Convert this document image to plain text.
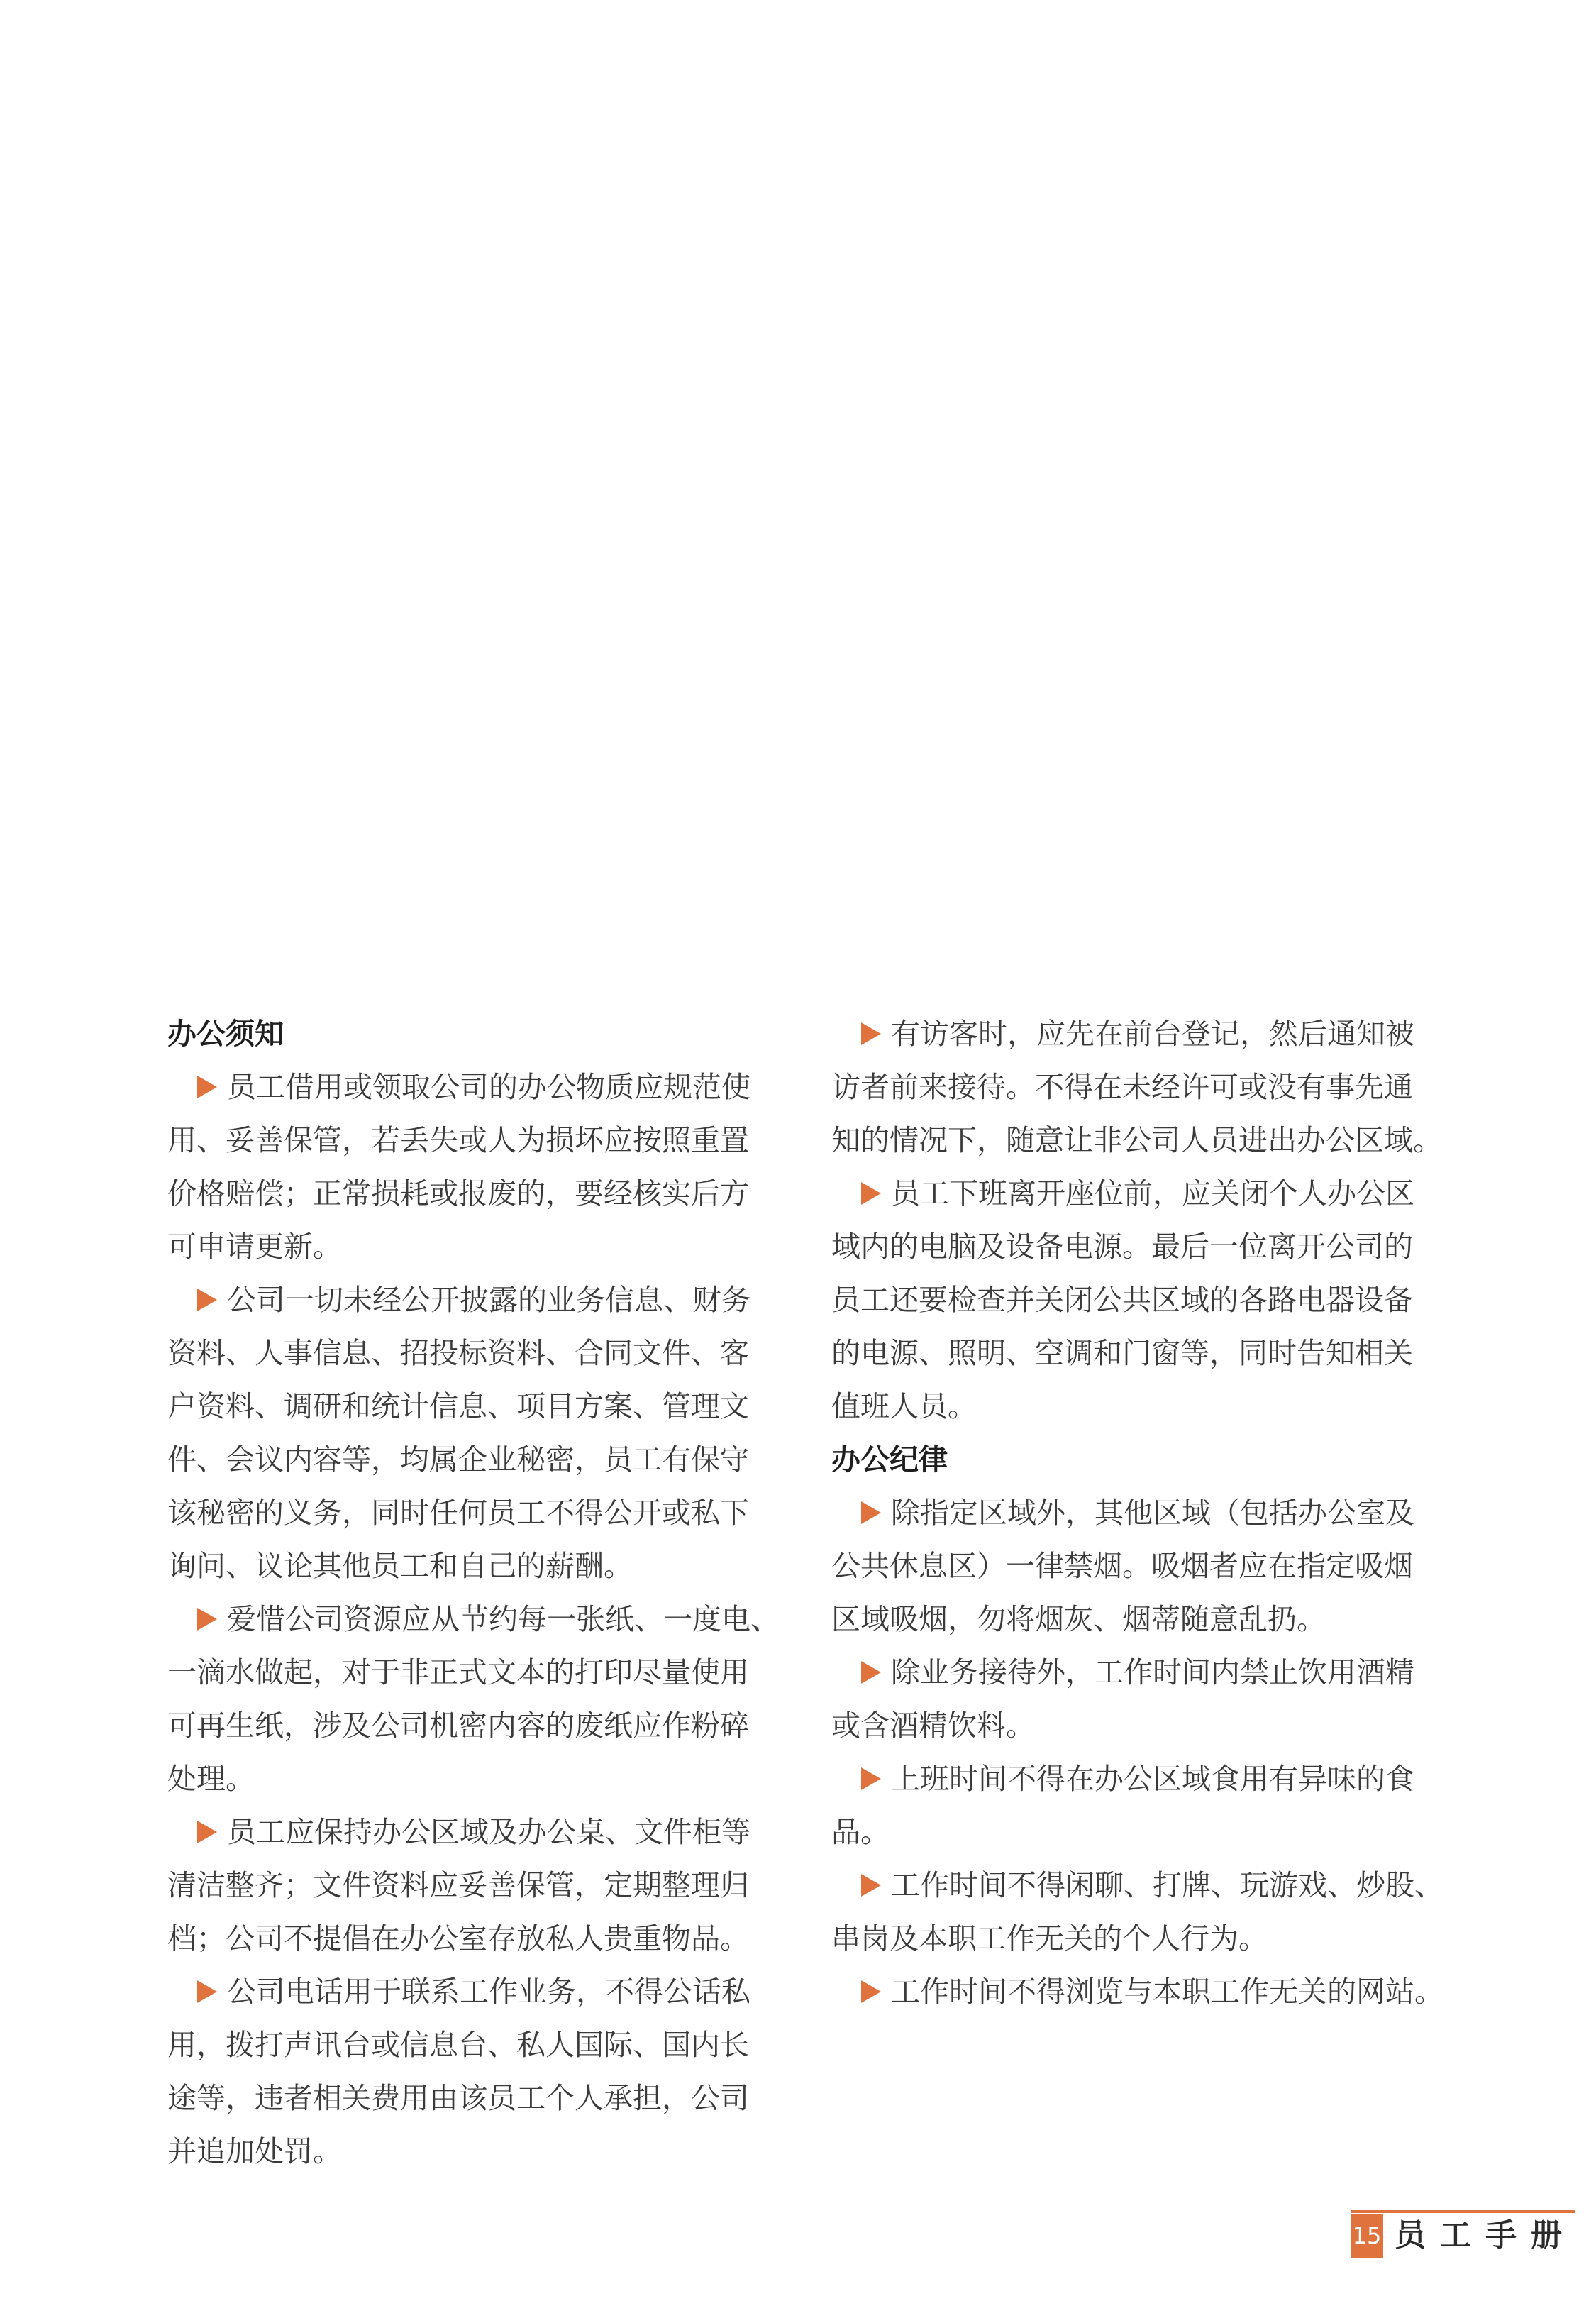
办公须知
员工借用或领取公司的办公物质应规范使
用、妥善保管，若丢失或人为损坏应按照重置
价格赔偿；正常损耗或报废的，要经核实后方
可申请更新。
公司一切未经公开披露的业务信息、财务
资料、人事信息、招投标资料、合同文件、客
户资料、调研和统计信息、项目方案、管理文
件、会议内容等，均属企业秘密，员工有保守
该秘密的义务，同时任何员工不得公开或私下
询问、议论其他员工和自己的薪酬。
爱惜公司资源应从节约每一张纸、一度电、
一滴水做起，对于非正式文本的打印尽量使用
可再生纸，涉及公司机密内容的废纸应作粉碎
处理。
员工应保持办公区域及办公桌、文件柜等
清洁整齐；文件资料应妥善保管，定期整理归
档；公司不提倡在办公室存放私人贵重物品。
公司电话用于联系工作业务，不得公话私
用，拨打声讯台或信息台、私人国际、国内长
途等，违者相关费用由该员工个人承担，公司
并追加处罚。
有访客时，应先在前台登记，然后通知被
访者前来接待。不得在未经许可或没有事先通
知的情况下，随意让非公司人员进出办公区域。
员工下班离开座位前，应关闭个人办公区
域内的电脑及设备电源。最后一位离开公司的
员工还要检查并关闭公共区域的各路电器设备
的电源、照明、空调和门窗等，同时告知相关
值班人员。
办公纪律
除指定区域外，其他区域（包括办公室及
公共休息区）一律禁烟。吸烟者应在指定吸烟
区域吸烟，勿将烟灰、烟蒂随意乱扔。
除业务接待外，工作时间内禁止饮用酒精
或含酒精饮料。
上班时间不得在办公区域食用有异味的食
品。
工作时间不得闲聊、打牌、玩游戏、炒股、
串岗及本职工作无关的个人行为。
工作时间不得浏览与本职工作无关的网站。
15 员工手册
